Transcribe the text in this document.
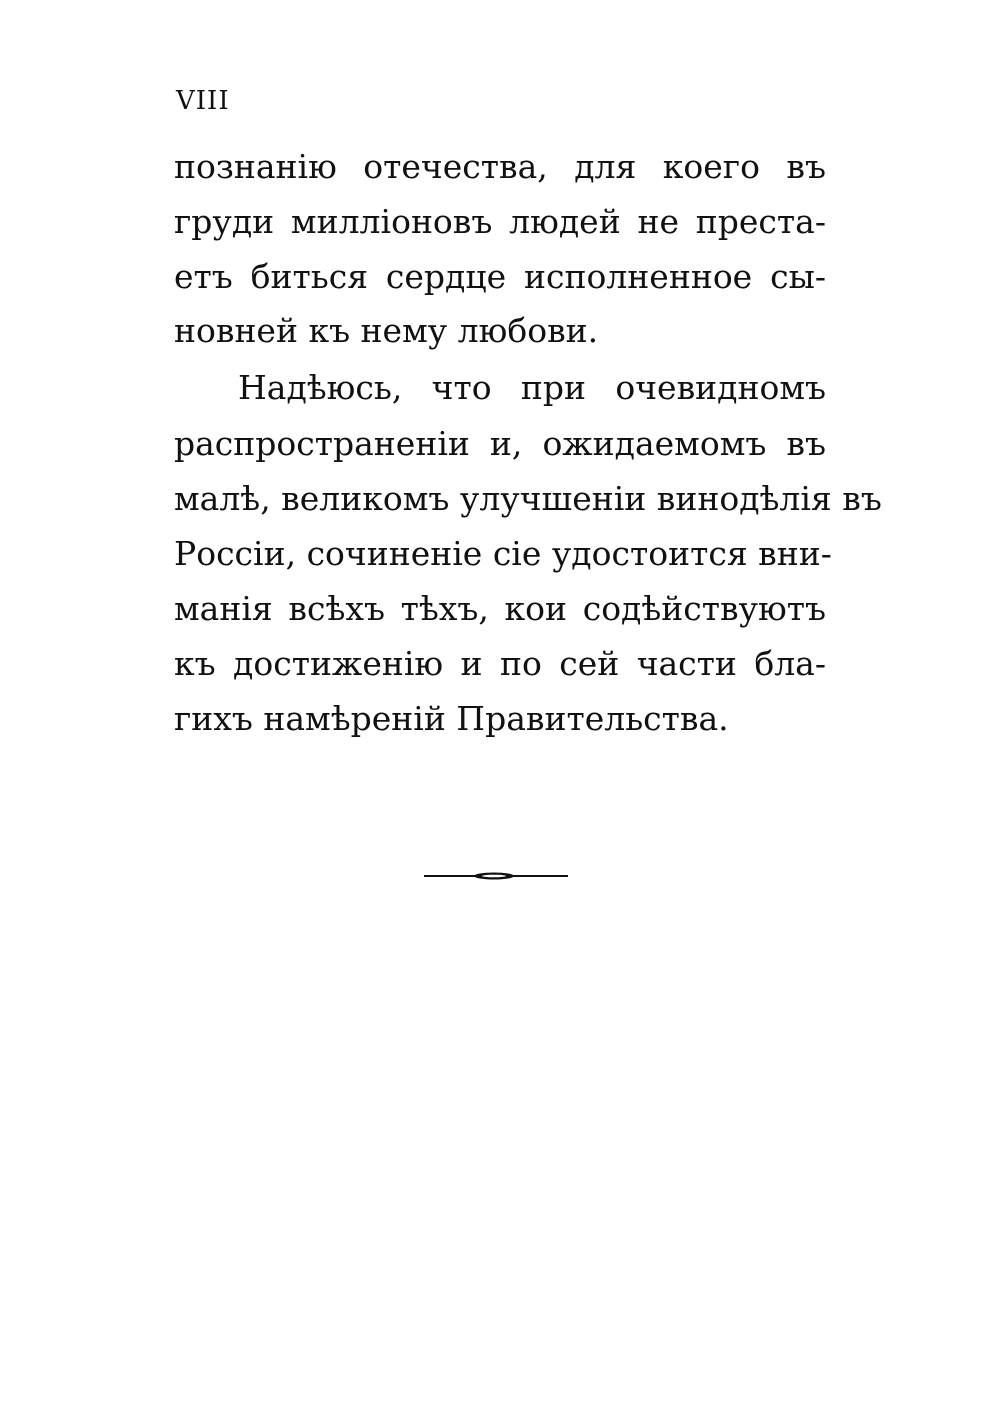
VIII
познанію отечества, для коего въ
груди милліоновъ людей не преста-
етъ биться сердце исполненное сы-
новней къ нему любови.
Надѣюсь, что при очевидномъ
распространеніи и, ожидаемомъ въ
малѣ, великомъ улучшеніи винодѣлія въ
Россіи, сочиненіе сіе удостоится вни-
манія всѣхъ тѣхъ, кои содѣйствуютъ
къ достиженію и по сей части бла-
гихъ намѣреній Правительства.
